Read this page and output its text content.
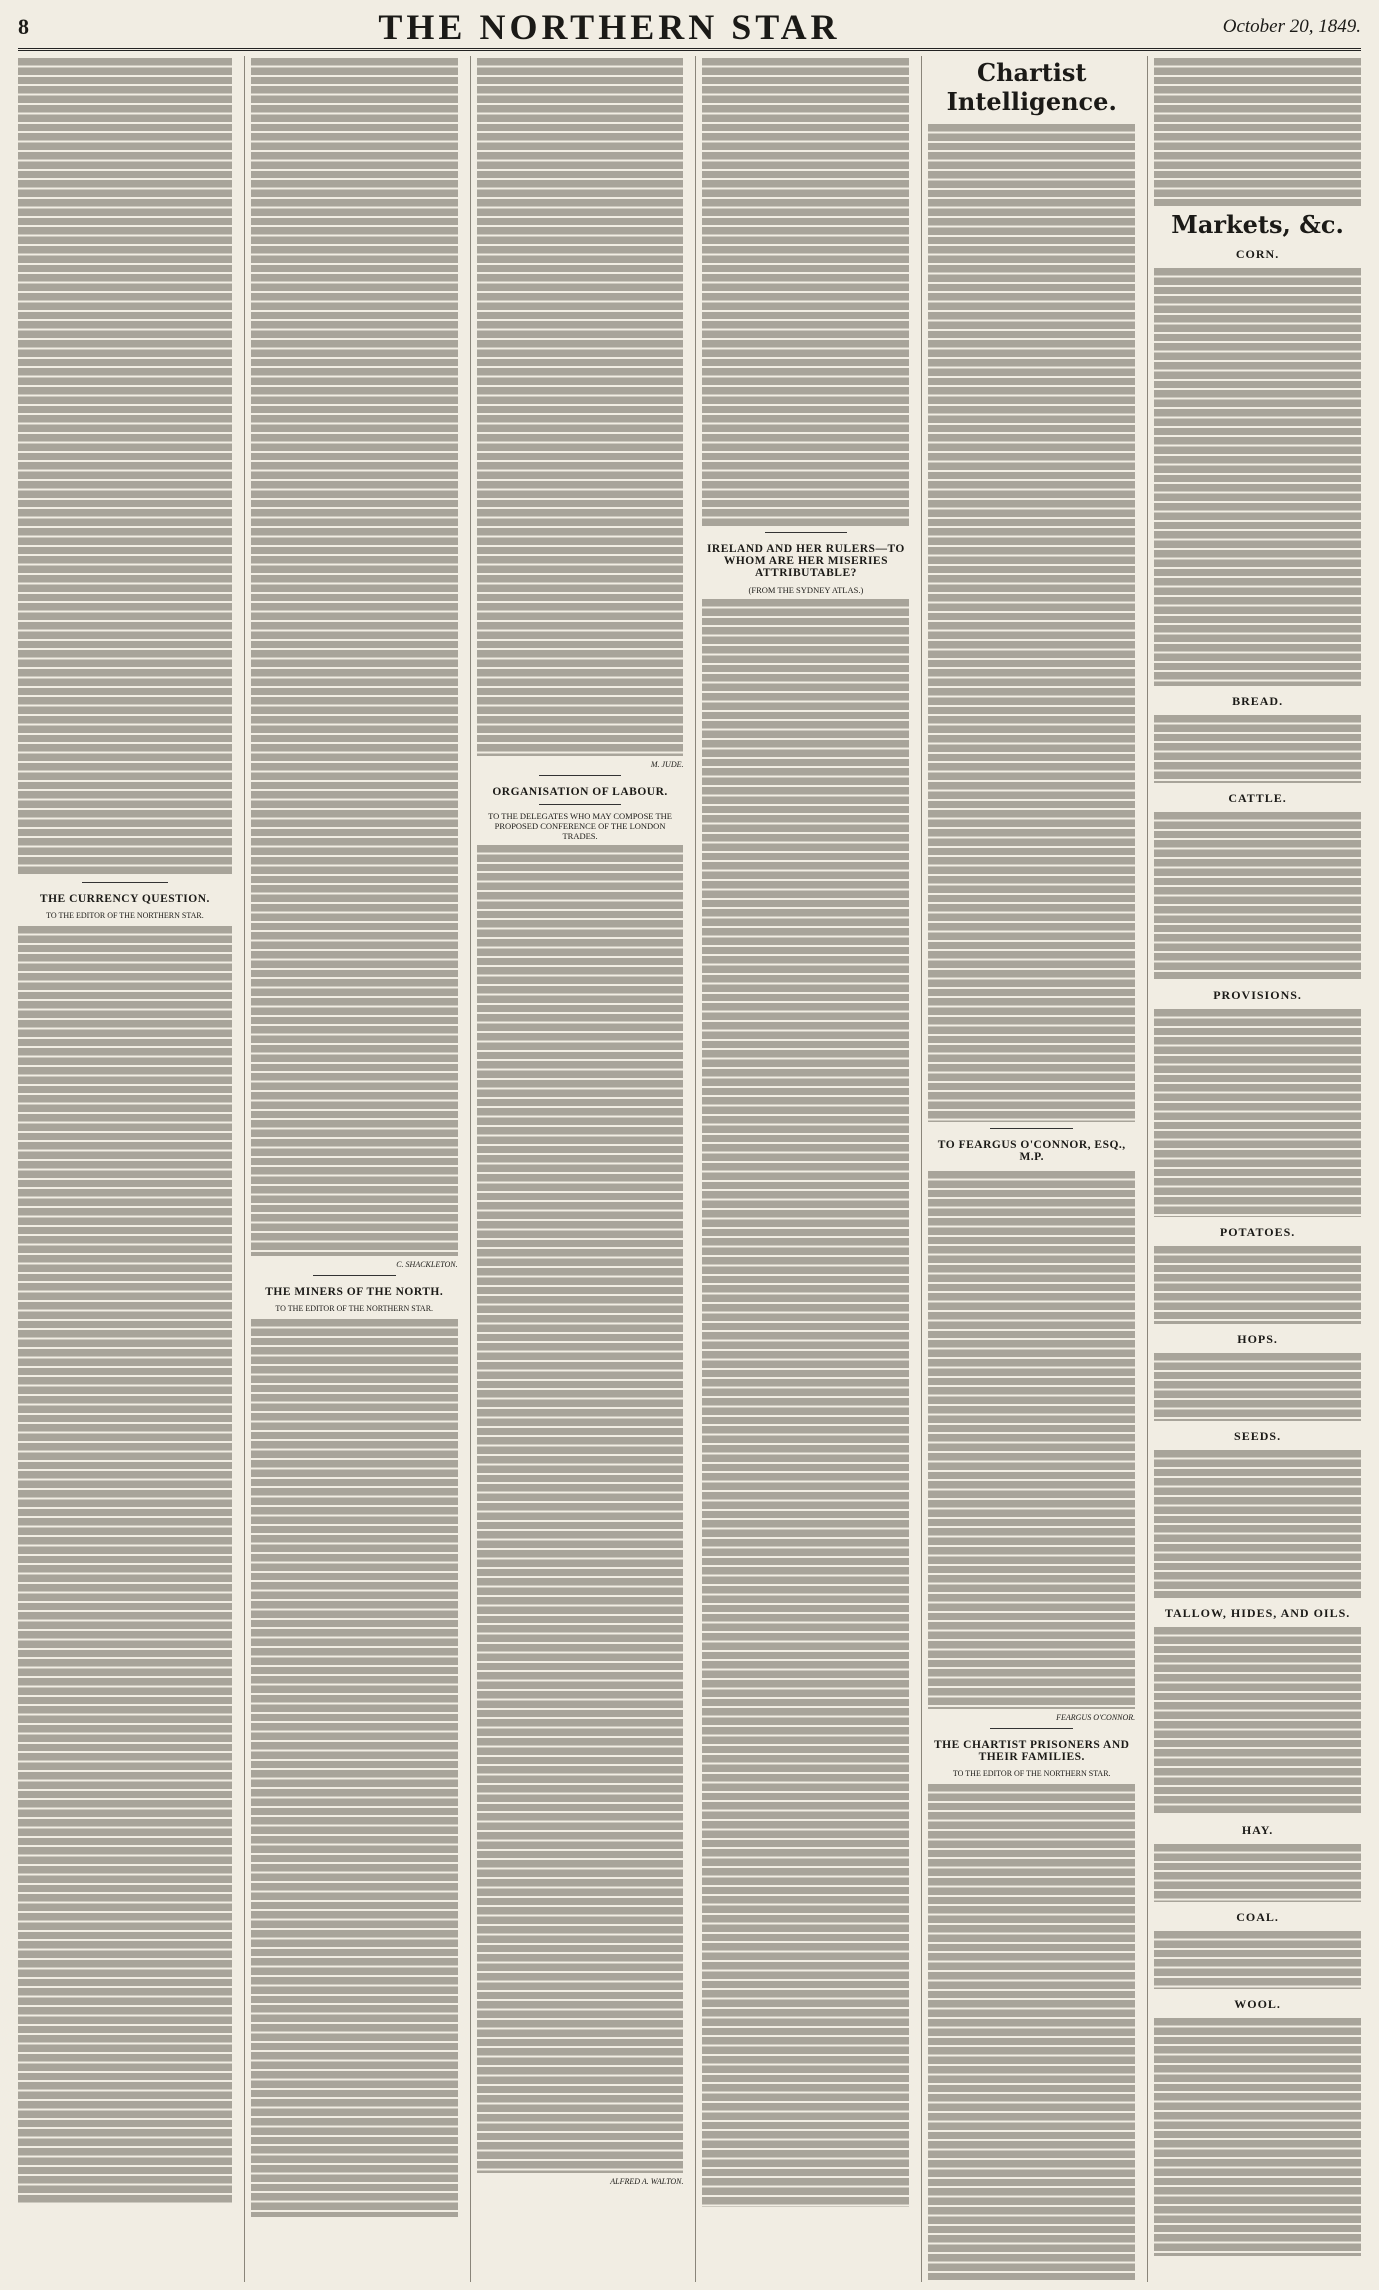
8	THE NORTHERN STAR	October 20, 1849.
THE CURRENCY QUESTION.
TO THE EDITOR OF THE NORTHERN STAR.
C. SHACKLETON.
THE MINERS OF THE NORTH.
TO THE EDITOR OF THE NORTHERN STAR.
M. JUDE.
ORGANISATION OF LABOUR.
TO THE DELEGATES WHO MAY COMPOSE THE PROPOSED CONFERENCE OF THE LONDON TRADES.
ALFRED A. WALTON.
IRELAND AND HER RULERS—TO WHOM ARE HER MISERIES ATTRIBUTABLE?
(FROM THE SYDNEY ATLAS.)
Chartist Intelligence.
TO FEARGUS O'CONNOR, ESQ., M.P.
FEARGUS O'CONNOR.
THE CHARTIST PRISONERS AND THEIR FAMILIES.
TO THE EDITOR OF THE NORTHERN STAR.
Markets, &c.
CORN.
BREAD.
CATTLE.
PROVISIONS.
POTATOES.
HOPS.
SEEDS.
TALLOW, HIDES, AND OILS.
HAY.
COAL.
WOOL.
